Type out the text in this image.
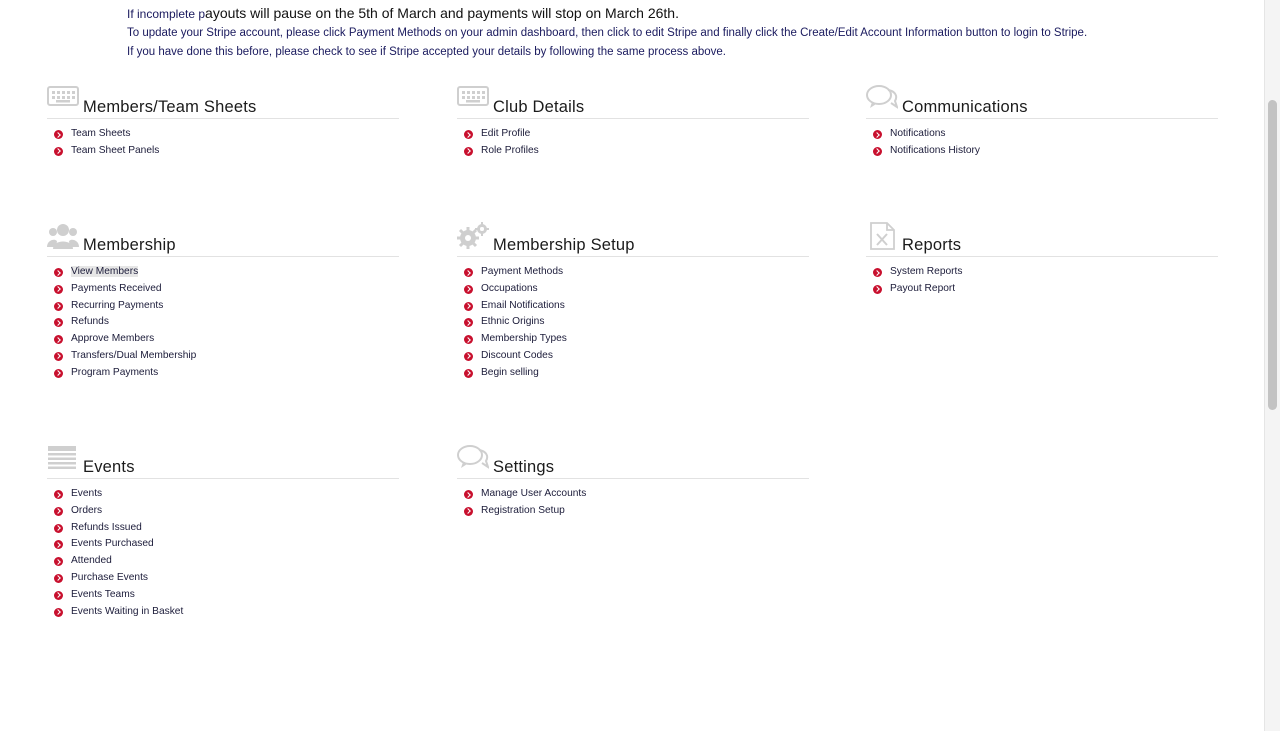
If incomplete payouts will pause on the 5th of March and payments will stop on March 26th.
To update your Stripe account, please click Payment Methods on your admin dashboard, then click to edit Stripe and finally click the Create/Edit Account Information button to login to Stripe.
If you have done this before, please check to see if Stripe accepted your details by following the same process above.
Members/Team Sheets
Team Sheets
Team Sheet Panels
Club Details
Edit Profile
Role Profiles
Communications
Notifications
Notifications History
Membership
View Members
Payments Received
Recurring Payments
Refunds
Approve Members
Transfers/Dual Membership
Program Payments
Membership Setup
Payment Methods
Occupations
Email Notifications
Ethnic Origins
Membership Types
Discount Codes
Begin selling
Reports
System Reports
Payout Report
Events
Events
Orders
Refunds Issued
Events Purchased
Attended
Purchase Events
Events Teams
Events Waiting in Basket
Settings
Manage User Accounts
Registration Setup
